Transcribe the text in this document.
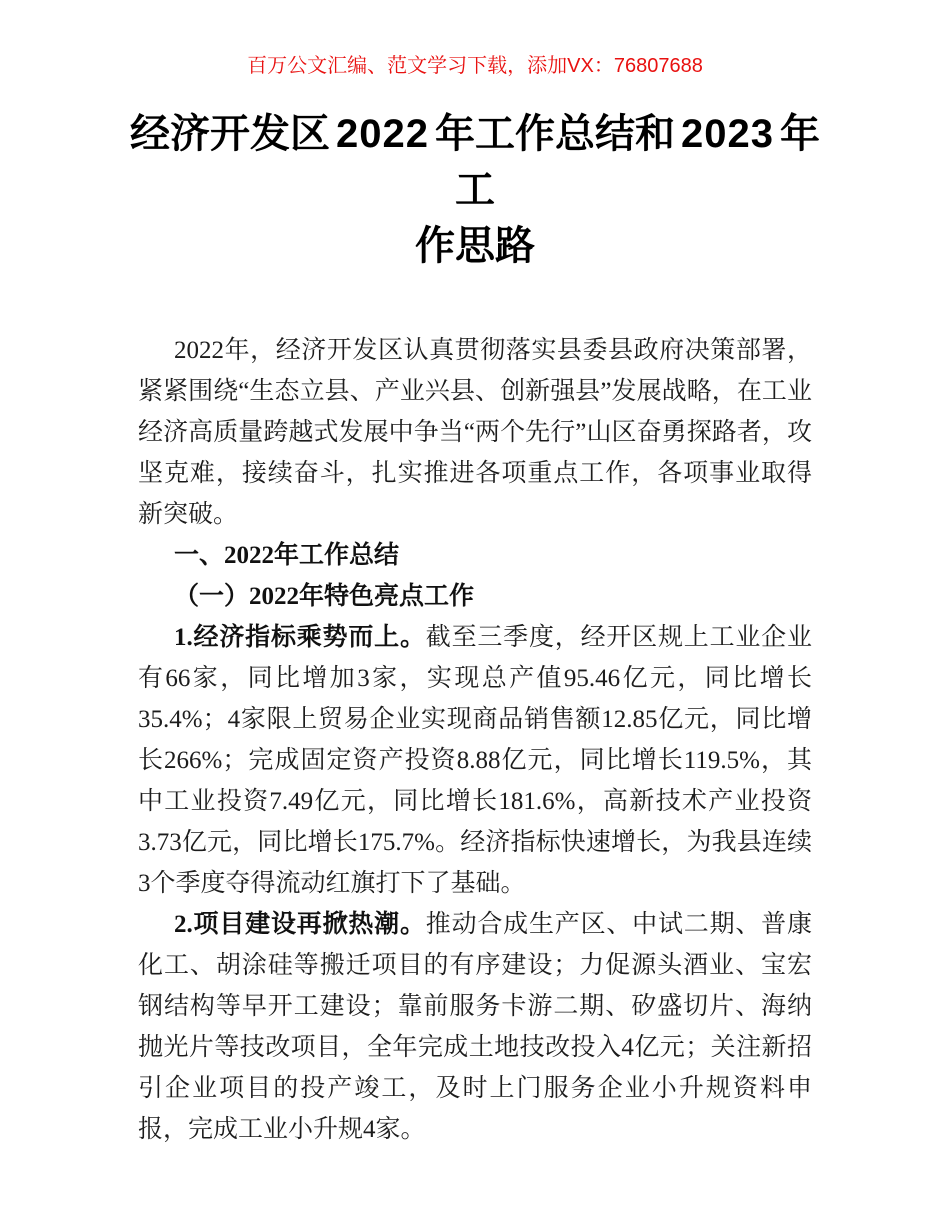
百万公文汇编、范文学习下载，添加VX：76807688
经济开发区 2022 年工作总结和 2023 年工
作思路

2022年，经济开发区认真贯彻落实县委县政府决策部署，紧紧围绕“生态立县、产业兴县、创新强县”发展战略，在工业经济高质量跨越式发展中争当“两个先行”山区奋勇探路者，攻坚克难，接续奋斗，扎实推进各项重点工作，各项事业取得新突破。

一、2022年工作总结

（一）2022年特色亮点工作

1.经济指标乘势而上。截至三季度，经开区规上工业企业有66家，同比增加3家，实现总产值95.46亿元，同比增长35.4%；4家限上贸易企业实现商品销售额12.85亿元，同比增长266%；完成固定资产投资8.88亿元，同比增长119.5%，其中工业投资7.49亿元，同比增长181.6%，高新技术产业投资3.73亿元，同比增长175.7%。经济指标快速增长，为我县连续3个季度夺得流动红旗打下了基础。

2.项目建设再掀热潮。推动合成生产区、中试二期、普康化工、胡涂硅等搬迁项目的有序建设；力促源头酒业、宝宏钢结构等早开工建设；靠前服务卡游二期、矽盛切片、海纳抛光片等技改项目，全年完成土地技改投入4亿元；关注新招引企业项目的投产竣工，及时上门服务企业小升规资料申报，完成工业小升规4家。
